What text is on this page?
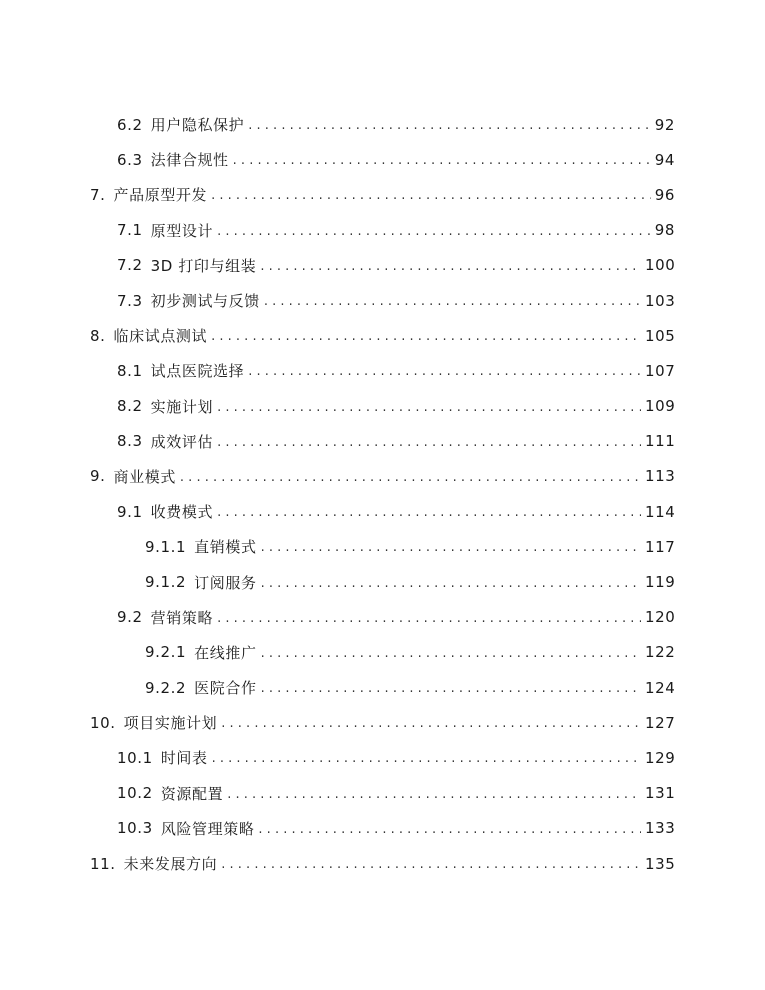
6.2 用户隐私保护 . . .	92
6.3 法律合规性 . . .	94
7. 产品原型开发 . . .	96
7.1 原型设计 . . .	98
7.2 3D 打印与组装 . . .	100
7.3 初步测试与反馈 . . .	103
8. 临床试点测试 . . .	105
8.1 试点医院选择 . . .	107
8.2 实施计划 . . .	109
8.3 成效评估 . . .	111
9. 商业模式 . . .	113
9.1 收费模式 . . .	114
9.1.1 直销模式 . . .	117
9.1.2 订阅服务 . . .	119
9.2 营销策略 . . .	120
9.2.1 在线推广 . . .	122
9.2.2 医院合作 . . .	124
10. 项目实施计划 . . .	127
10.1 时间表 . . .	129
10.2 资源配置 . . .	131
10.3 风险管理策略 . . .	133
11. 未来发展方向 . . .	135
